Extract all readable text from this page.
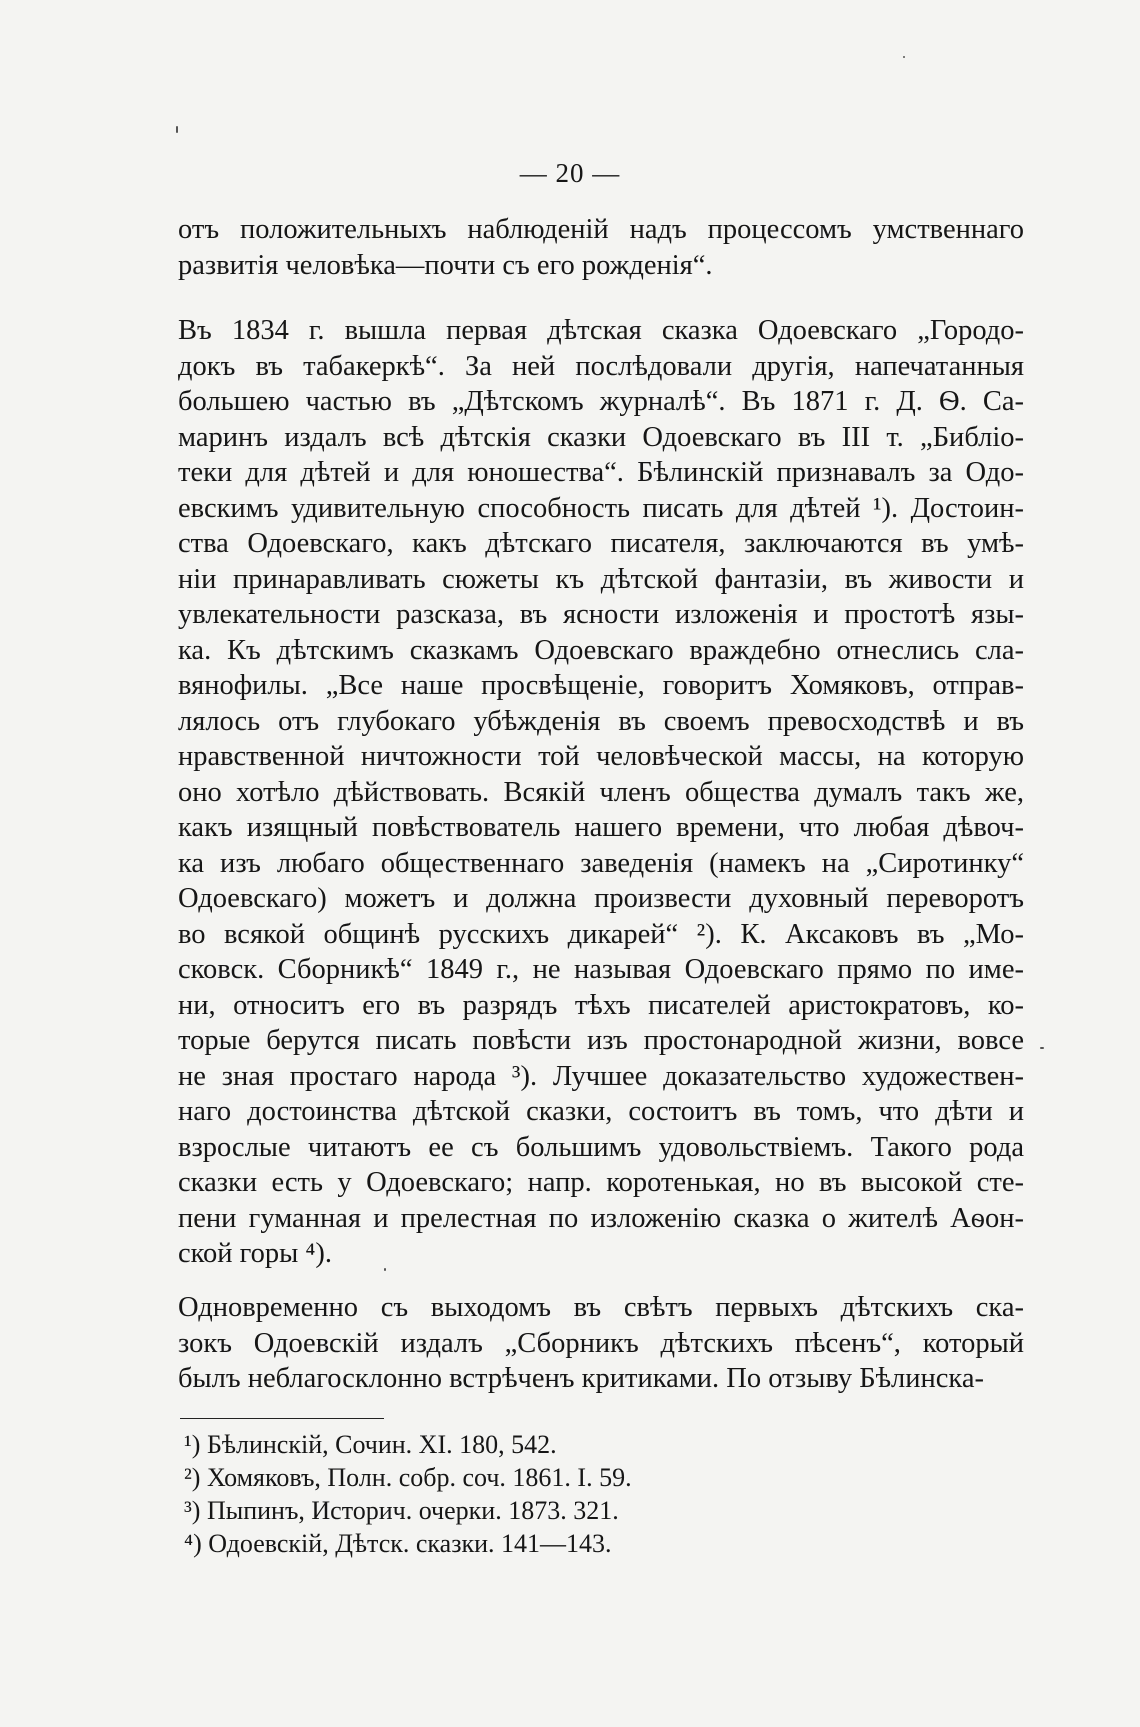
— 20 —
отъ положительныхъ наблюденій надъ процессомъ умственнаго
развитія человѣка—почти съ его рожденія“.
Въ 1834 г. вышла первая дѣтская сказка Одоевскаго „Городо-
докъ въ табакеркѣ“. За ней послѣдовали другія, напечатанныя
большею частью въ „Дѣтскомъ журналѣ“. Въ 1871 г. Д. Ѳ. Са-
маринъ издалъ всѣ дѣтскія сказки Одоевскаго въ III т. „Библіо-
теки для дѣтей и для юношества“. Бѣлинскій признавалъ за Одо-
евскимъ удивительную способность писать для дѣтей ¹). Достоин-
ства Одоевскаго, какъ дѣтскаго писателя, заключаются въ умѣ-
ніи принаравливать сюжеты къ дѣтской фантазіи, въ живости и
увлекательности разсказа, въ ясности изложенія и простотѣ язы-
ка. Къ дѣтскимъ сказкамъ Одоевскаго враждебно отнеслись сла-
вянофилы. „Все наше просвѣщеніе, говоритъ Хомяковъ, отправ-
лялось отъ глубокаго убѣжденія въ своемъ превосходствѣ и въ
нравственной ничтожности той человѣческой массы, на которую
оно хотѣло дѣйствовать. Всякій членъ общества думалъ такъ же,
какъ изящный повѣствователь нашего времени, что любая дѣвоч-
ка изъ любаго общественнаго заведенія (намекъ на „Сиротинку“
Одоевскаго) можетъ и должна произвести духовный переворотъ
во всякой общинѣ русскихъ дикарей“ ²). К. Аксаковъ въ „Мо-
сковск. Сборникѣ“ 1849 г., не называя Одоевскаго прямо по име-
ни, относитъ его въ разрядъ тѣхъ писателей аристократовъ, ко-
торые берутся писать повѣсти изъ простонародной жизни, вовсе
не зная простаго народа ³). Лучшее доказательство художествен-
наго достоинства дѣтской сказки, состоитъ въ томъ, что дѣти и
взрослые читаютъ ее съ большимъ удовольствіемъ. Такого рода
сказки есть у Одоевскаго; напр. коротенькая, но въ высокой сте-
пени гуманная и прелестная по изложенію сказка о жителѣ Аѳон-
ской горы ⁴).
Одновременно съ выходомъ въ свѣтъ первыхъ дѣтскихъ ска-
зокъ Одоевскій издалъ „Сборникъ дѣтскихъ пѣсенъ“, который
былъ неблагосклонно встрѣченъ критиками. По отзыву Бѣлинска-
¹) Бѣлинскій, Сочин. XI. 180, 542.
²) Хомяковъ, Полн. собр. соч. 1861. I. 59.
³) Пыпинъ, Историч. очерки. 1873. 321.
⁴) Одоевскій, Дѣтск. сказки. 141—143.
